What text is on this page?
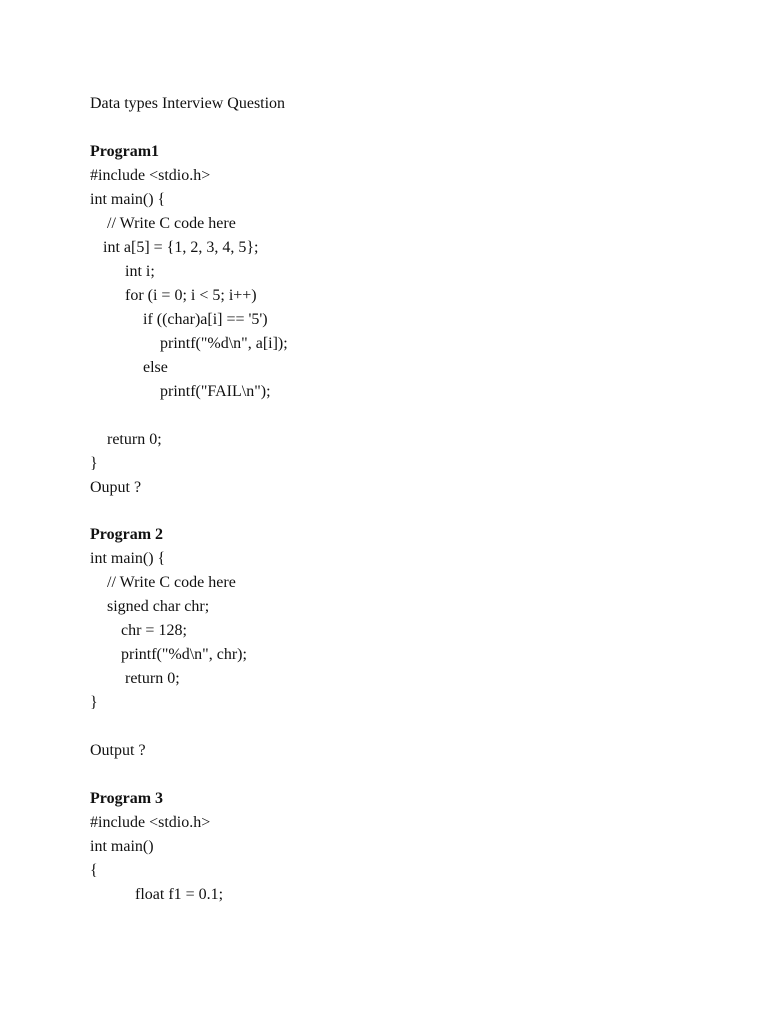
Data types Interview Question

Program1

#include <stdio.h>

int main() {

// Write C code here

int a[5] = {1, 2, 3, 4, 5};

int i;

for (i = 0; i < 5; i++)

if ((char)a[i] == '5')

printf("%d\n", a[i]);

else

printf("FAIL\n");

return 0;

}

Ouput ?

Program 2

int main() {

// Write C code here

signed char chr;

chr = 128;

printf("%d\n", chr);

return 0;

}

Output ?

Program 3

#include <stdio.h>

int main()

{

float f1 = 0.1;
